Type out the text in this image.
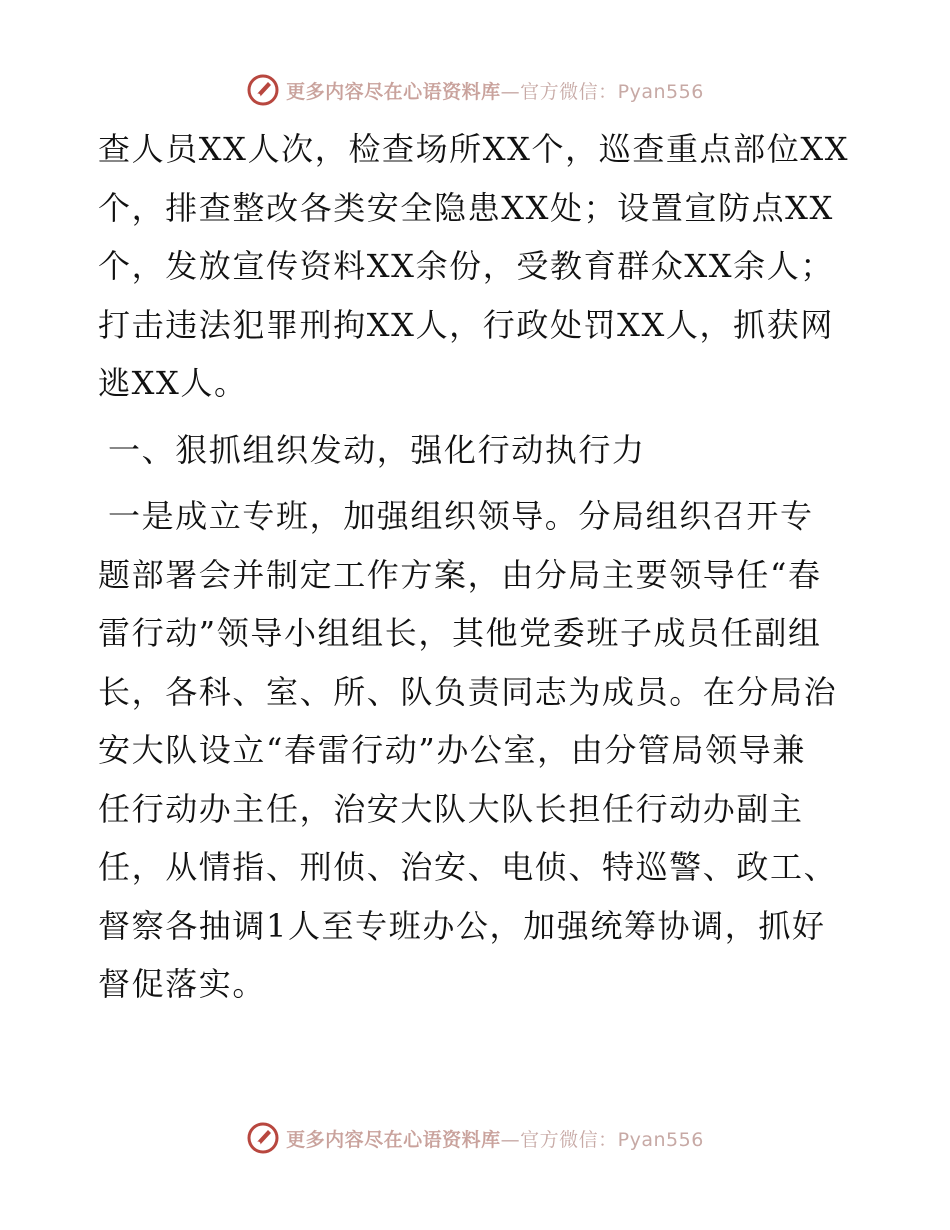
更多内容尽在心语资料库—官方微信：Pyan556
查人员XX人次，检查场所XX个，巡查重点部位XX
个，排查整改各类安全隐患XX处；设置宣防点XX
个，发放宣传资料XX余份，受教育群众XX余人；
打击违法犯罪刑拘XX人，行政处罚XX人，抓获网
逃XX人。
一、狠抓组织发动，强化行动执行力
一是成立专班，加强组织领导。分局组织召开专
题部署会并制定工作方案，由分局主要领导任“春
雷行动”领导小组组长，其他党委班子成员任副组
长，各科、室、所、队负责同志为成员。在分局治
安大队设立“春雷行动”办公室，由分管局领导兼
任行动办主任，治安大队大队长担任行动办副主
任，从情指、刑侦、治安、电侦、特巡警、政工、
督察各抽调1人至专班办公，加强统筹协调，抓好
督促落实。
更多内容尽在心语资料库—官方微信：Pyan556
